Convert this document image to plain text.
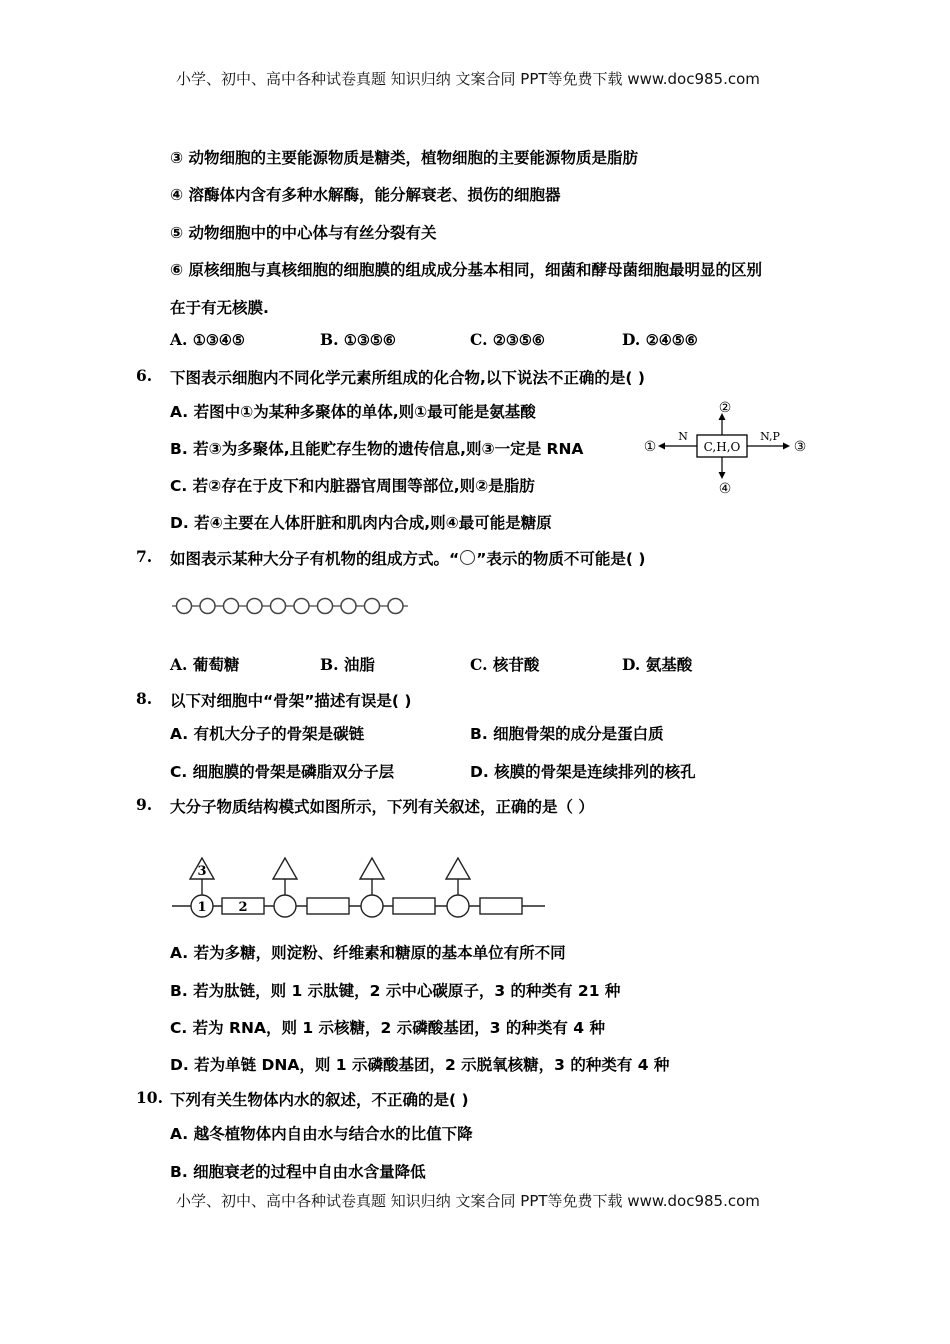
小学、初中、高中各种试卷真题 知识归纳 文案合同 PPT等免费下载 www.doc985.com
③ 动物细胞的主要能源物质是糖类，植物细胞的主要能源物质是脂肪
④ 溶酶体内含有多种水解酶，能分解衰老、损伤的细胞器
⑤ 动物细胞中的中心体与有丝分裂有关
⑥ 原核细胞与真核细胞的细胞膜的组成成分基本相同，细菌和酵母菌细胞最明显的区别
在于有无核膜.
A. ①③④⑤	B. ①③⑤⑥	C. ②③⑤⑥	D. ②④⑤⑥
6. 下图表示细胞内不同化学元素所组成的化合物,以下说法不正确的是( )
A. 若图中①为某种多聚体的单体,则①最可能是氨基酸
B. 若③为多聚体,且能贮存生物的遗传信息,则③一定是 RNA
C. 若②存在于皮下和内脏器官周围等部位,则②是脂肪
D. 若④主要在人体肝脏和肌肉内合成,则④最可能是糖原
C,H,O
②
④
①
N
③
N,P
7. 如图表示某种大分子有机物的组成方式。“ ”表示的物质不可能是( )
A. 葡萄糖	B. 油脂	C. 核苷酸	D. 氨基酸
8. 以下对细胞中“骨架”描述有误是( )
A. 有机大分子的骨架是碳链	B. 细胞骨架的成分是蛋白质
C. 细胞膜的骨架是磷脂双分子层	D. 核膜的骨架是连续排列的核孔
9. 大分子物质结构模式如图所示，下列有关叙述，正确的是（ ）
1
3
2
A. 若为多糖，则淀粉、纤维素和糖原的基本单位有所不同
B. 若为肽链，则 1 示肽键，2 示中心碳原子，3 的种类有 21 种
C. 若为 RNA，则 1 示核糖，2 示磷酸基团，3 的种类有 4 种
D. 若为单链 DNA，则 1 示磷酸基团，2 示脱氧核糖，3 的种类有 4 种
10. 下列有关生物体内水的叙述，不正确的是( )
A. 越冬植物体内自由水与结合水的比值下降
B. 细胞衰老的过程中自由水含量降低
小学、初中、高中各种试卷真题 知识归纳 文案合同 PPT等免费下载 www.doc985.com
